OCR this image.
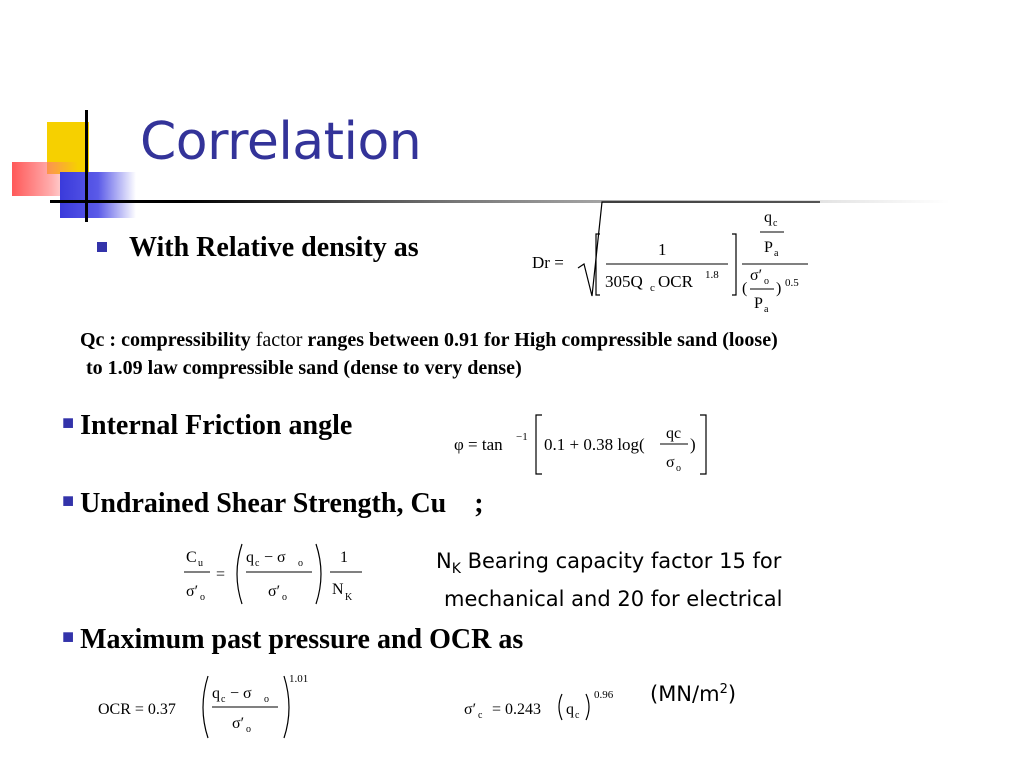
Correlation
With Relative density as	Dr =
1
305Q c OCR 1.8
q c
P a
σ′ o
( ) 0.5
P a
Qc : compressibility factor ranges between 0.91 for High compressible sand (loose)
to 1.09 law compressible sand (dense to very dense)
■ Internal Friction angle
φ = tan −1 0.1 + 0.38 log(
qc
σ o
)
■ Undrained Shear Strength, Cu ;
C u
σ′ o
=
q c − σ o
σ′ o
1
N K
$N_K$ Bearing capacity factor 15 for
mechanical and 20 for electrical
■ Maximum past pressure and OCR as
OCR = 0.37
q c − σ o
σ′ o
1.01
σ′ c = 0.243 q c
0.96 $(MN/m^2)$
